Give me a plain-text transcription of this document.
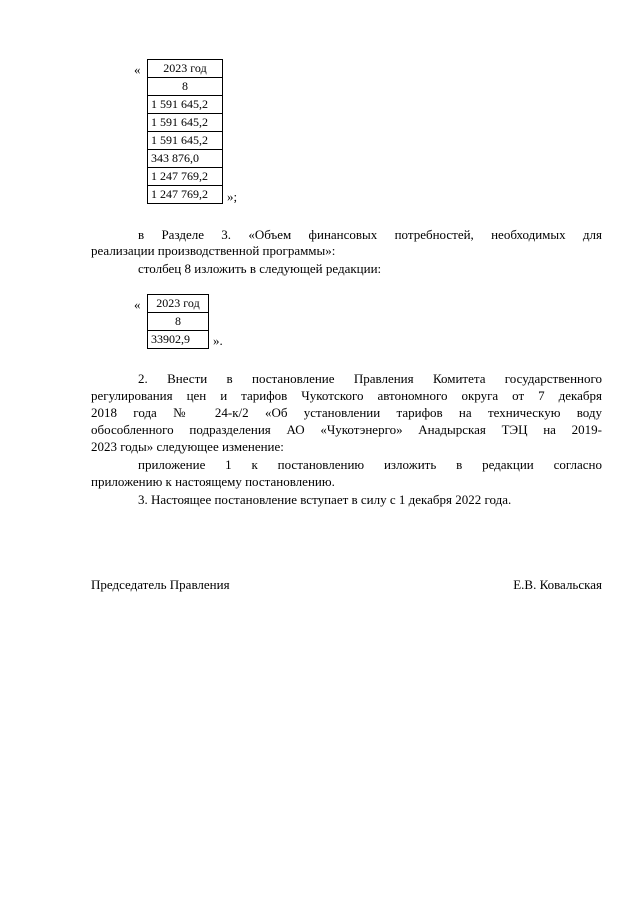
« 2023 год
8
1 591 645,2
1 591 645,2
1 591 645,2
343 876,0
1 247 769,2
1 247 769,2 »;
в Разделе 3. «Объем финансовых потребностей, необходимых для
реализации производственной программы»:
столбец 8 изложить в следующей редакции:
« 2023 год
8
33902,9 ».
2. Внести в постановление Правления Комитета государственного
регулирования цен и тарифов Чукотского автономного округа от 7 декабря
2018 года № 24-к/2 «Об установлении тарифов на техническую воду
обособленного подразделения АО «Чукотэнерго» Анадырская ТЭЦ на 2019-
2023 годы» следующее изменение:
приложение 1 к постановлению изложить в редакции согласно
приложению к настоящему постановлению.
3. Настоящее постановление вступает в силу с 1 декабря 2022 года.
Председатель Правления	Е.В. Ковальская
